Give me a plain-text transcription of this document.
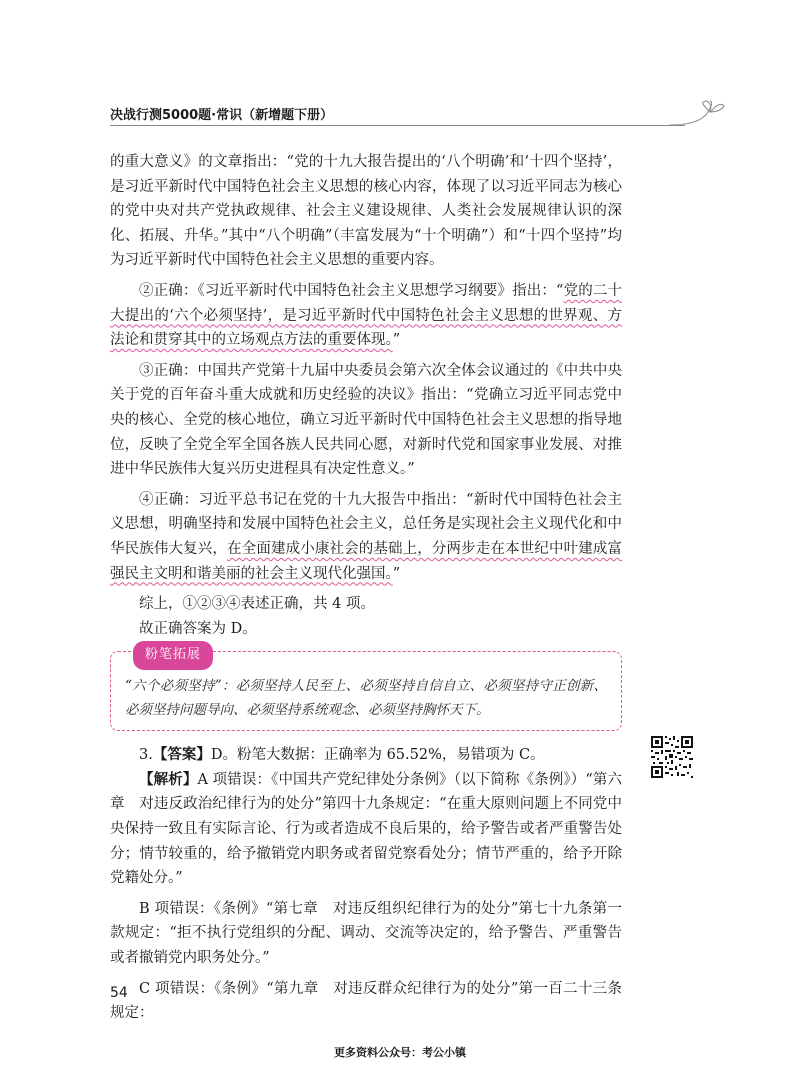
决战行测5000题·常识（新增题下册）

的重大意义》的文章指出：“党的十九大报告提出的‘八个明确’和‘十四个坚持’，是习近平新时代中国特色社会主义思想的核心内容，体现了以习近平同志为核心的党中央对共产党执政规律、社会主义建设规律、人类社会发展规律认识的深化、拓展、升华。”其中“八个明确”（丰富发展为“十个明确”）和“十四个坚持”均为习近平新时代中国特色社会主义思想的重要内容。

②正确：《习近平新时代中国特色社会主义思想学习纲要》指出：“党的二十大提出的‘六个必须坚持’，是习近平新时代中国特色社会主义思想的世界观、方法论和贯穿其中的立场观点方法的重要体现。”

③正确：中国共产党第十九届中央委员会第六次全体会议通过的《中共中央关于党的百年奋斗重大成就和历史经验的决议》指出：“党确立习近平同志党中央的核心、全党的核心地位，确立习近平新时代中国特色社会主义思想的指导地位，反映了全党全军全国各族人民共同心愿，对新时代党和国家事业发展、对推进中华民族伟大复兴历史进程具有决定性意义。”

④正确：习近平总书记在党的十九大报告中指出：“新时代中国特色社会主义思想，明确坚持和发展中国特色社会主义，总任务是实现社会主义现代化和中华民族伟大复兴，在全面建成小康社会的基础上，分两步走在本世纪中叶建成富强民主文明和谐美丽的社会主义现代化强国。”

综上，①②③④表述正确，共 4 项。

故正确答案为 D。

粉笔拓展
“六个必须坚持”：必须坚持人民至上、必须坚持自信自立、必须坚持守正创新、必须坚持问题导向、必须坚持系统观念、必须坚持胸怀天下。

3.【答案】D。粉笔大数据：正确率为 65.52%，易错项为 C。

【解析】A 项错误：《中国共产党纪律处分条例》（以下简称《条例》）“第六章　对违反政治纪律行为的处分”第四十九条规定：“在重大原则问题上不同党中央保持一致且有实际言论、行为或者造成不良后果的，给予警告或者严重警告处分；情节较重的，给予撤销党内职务或者留党察看处分；情节严重的，给予开除党籍处分。”

B 项错误：《条例》“第七章　对违反组织纪律行为的处分”第七十九条第一款规定：“拒不执行党组织的分配、调动、交流等决定的，给予警告、严重警告或者撤销党内职务处分。”

C 项错误：《条例》“第九章　对违反群众纪律行为的处分”第一百二十三条规定：

54
更多资料公众号：考公小镇
